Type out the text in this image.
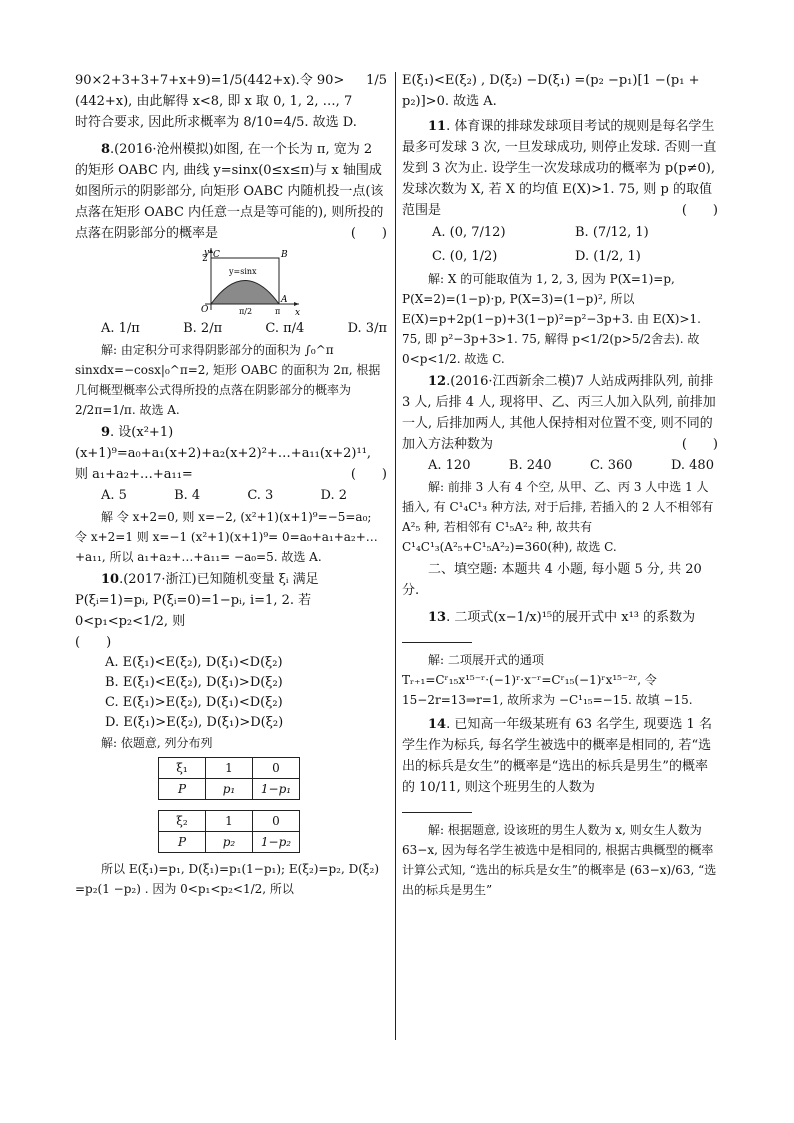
90×2+3+3+7+x+9)=1/5(442+x).令 90> 1/5

(442+x), 由此解得 x<8, 即 x 取 0, 1, 2, …, 7

时符合要求, 因此所求概率为 8/10=4/5. 故选 D.

8.(2016·沧州模拟)如图, 在一个长为 π, 宽为 2 的矩形 OABC 内, 曲线 y=sinx(0≤x≤π)与 x 轴围成如图所示的阴影部分, 向矩形 OABC 内随机投一点(该点落在矩形 OABC 内任意一点是等可能的), 则所投的点落在阴影部分的概率是	(　　)

y
x
C	B
A
O
2
y=sinx
π/2	π
A. 1/π	B. 2/π	C. π/4	D. 3/π

解: 由定积分可求得阴影部分的面积为 ∫₀^π sinxdx=−cosx|₀^π=2, 矩形 OABC 的面积为 2π, 根据几何概型概率公式得所投的点落在阴影部分的概率为 2/2π=1/π. 故选 A.

9. 设(x²+1)(x+1)⁹=a₀+a₁(x+2)+a₂(x+2)²+…+a₁₁(x+2)¹¹, 则 a₁+a₂+…+a₁₁=	(　　)

A. 5	B. 4	C. 3	D. 2

解 令 x+2=0, 则 x=−2, (x²+1)(x+1)⁹=−5=a₀; 令 x+2=1 则 x=−1 (x²+1)(x+1)⁹= 0=a₀+a₁+a₂+…+a₁₁, 所以 a₁+a₂+…+a₁₁= −a₀=5. 故选 A.

10.(2017·浙江)已知随机变量 ξᵢ 满足 P(ξᵢ=1)=pᵢ, P(ξᵢ=0)=1−pᵢ, i=1, 2. 若 0<p₁<p₂<1/2, 则

(　　)

A. E(ξ₁)<E(ξ₂), D(ξ₁)<D(ξ₂)
B. E(ξ₁)<E(ξ₂), D(ξ₁)>D(ξ₂)
C. E(ξ₁)>E(ξ₂), D(ξ₁)<D(ξ₂)
D. E(ξ₁)>E(ξ₂), D(ξ₁)>D(ξ₂)

解: 依题意, 列分布列

ξ₁	1	0
P	p₁	1−p₁
ξ₂	1	0
P	p₂	1−p₂

所以 E(ξ₁)=p₁, D(ξ₁)=p₁(1−p₁); E(ξ₂)=p₂, D(ξ₂) =p₂(1 −p₂) . 因为 0<p₁<p₂<1/2, 所以

E(ξ₁)<E(ξ₂) , D(ξ₂) −D(ξ₁) =(p₂ −p₁)[1 −(p₁ + p₂)]>0. 故选 A.

11. 体育课的排球发球项目考试的规则是每名学生最多可发球 3 次, 一旦发球成功, 则停止发球. 否则一直发到 3 次为止. 设学生一次发球成功的概率为 p(p≠0), 发球次数为 X, 若 X 的均值 E(X)>1. 75, 则 p 的取值范围是	(　　)

A. (0, 7/12)	B. (7/12, 1)
C. (0, 1/2)	D. (1/2, 1)

解: X 的可能取值为 1, 2, 3, 因为 P(X=1)=p, P(X=2)=(1−p)·p, P(X=3)=(1−p)², 所以 E(X)=p+2p(1−p)+3(1−p)²=p²−3p+3. 由 E(X)>1. 75, 即 p²−3p+3>1. 75, 解得 p<1/2(p>5/2舍去). 故 0<p<1/2. 故选 C.

12.(2016·江西新余二模)7 人站成两排队列, 前排 3 人, 后排 4 人, 现将甲、乙、丙三人加入队列, 前排加一人, 后排加两人, 其他人保持相对位置不变, 则不同的加入方法种数为	(　　)

A. 120	B. 240	C. 360	D. 480

解: 前排 3 人有 4 个空, 从甲、乙、丙 3 人中选 1 人插入, 有 C¹₄C¹₃ 种方法, 对于后排, 若插入的 2 人不相邻有 A²₅ 种, 若相邻有 C¹₅A²₂ 种, 故共有 C¹₄C¹₃(A²₅+C¹₅A²₂)=360(种), 故选 C.

二、填空题: 本题共 4 小题, 每小题 5 分, 共 20 分.

13. 二项式(x−1/x)¹⁵的展开式中 x¹³ 的系数为

解: 二项展开式的通项 Tᵣ₊₁=Cʳ₁₅x¹⁵⁻ʳ·(−1)ʳ·x⁻ʳ=Cʳ₁₅(−1)ʳx¹⁵⁻²ʳ, 令 15−2r=13⇒r=1, 故所求为 −C¹₁₅=−15. 故填 −15.

14. 已知高一年级某班有 63 名学生, 现要选 1 名学生作为标兵, 每名学生被选中的概率是相同的, 若“选出的标兵是女生”的概率是“选出的标兵是男生”的概率的 10/11, 则这个班男生的人数为

解: 根据题意, 设该班的男生人数为 x, 则女生人数为 63−x, 因为每名学生被选中是相同的, 根据古典概型的概率计算公式知, “选出的标兵是女生”的概率是 (63−x)/63, “选出的标兵是男生”
